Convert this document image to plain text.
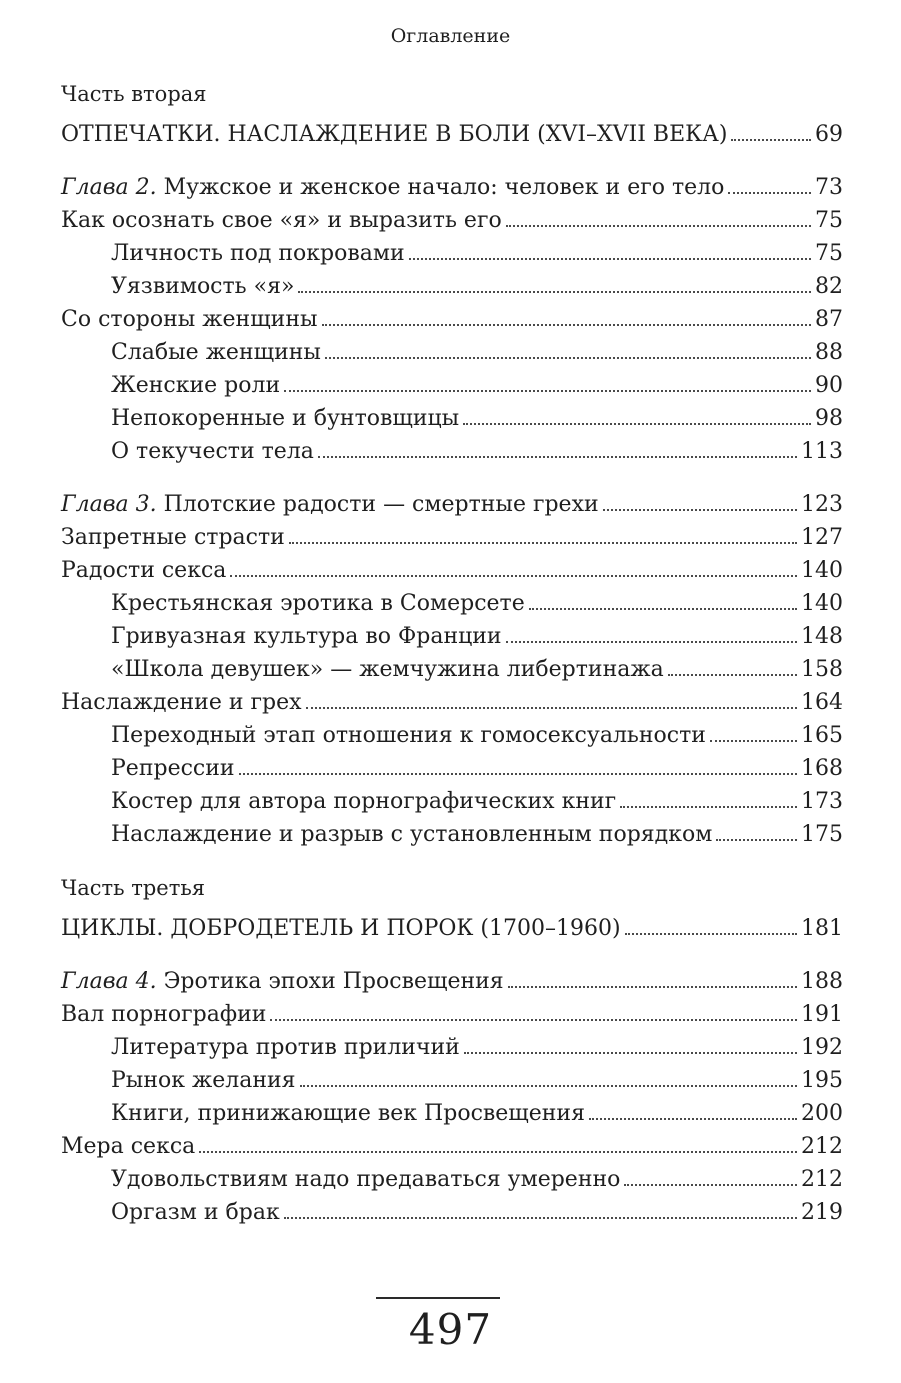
Оглавление
Часть вторая
ОТПЕЧАТКИ. НАСЛАЖДЕНИЕ В БОЛИ (XVI–XVII ВЕКА)	69
Глава 2. Мужское и женское начало: человек и его тело	73
Как осознать свое «я» и выразить его	75
Личность под покровами	75
Уязвимость «я»	82
Со стороны женщины	87
Слабые женщины	88
Женские роли	90
Непокоренные и бунтовщицы	98
О текучести тела	113
Глава 3. Плотские радости — смертные грехи	123
Запретные страсти	127
Радости секса	140
Крестьянская эротика в Сомерсете	140
Гривуазная культура во Франции	148
«Школа девушек» — жемчужина либертинажа	158
Наслаждение и грех	164
Переходный этап отношения к гомосексуальности	165
Репрессии	168
Костер для автора порнографических книг	173
Наслаждение и разрыв с установленным порядком	175
Часть третья
ЦИКЛЫ. ДОБРОДЕТЕЛЬ И ПОРОК (1700–1960)	181
Глава 4. Эротика эпохи Просвещения	188
Вал порнографии	191
Литература против приличий	192
Рынок желания	195
Книги, принижающие век Просвещения	200
Мера секса	212
Удовольствиям надо предаваться умеренно	212
Оргазм и брак	219
497
